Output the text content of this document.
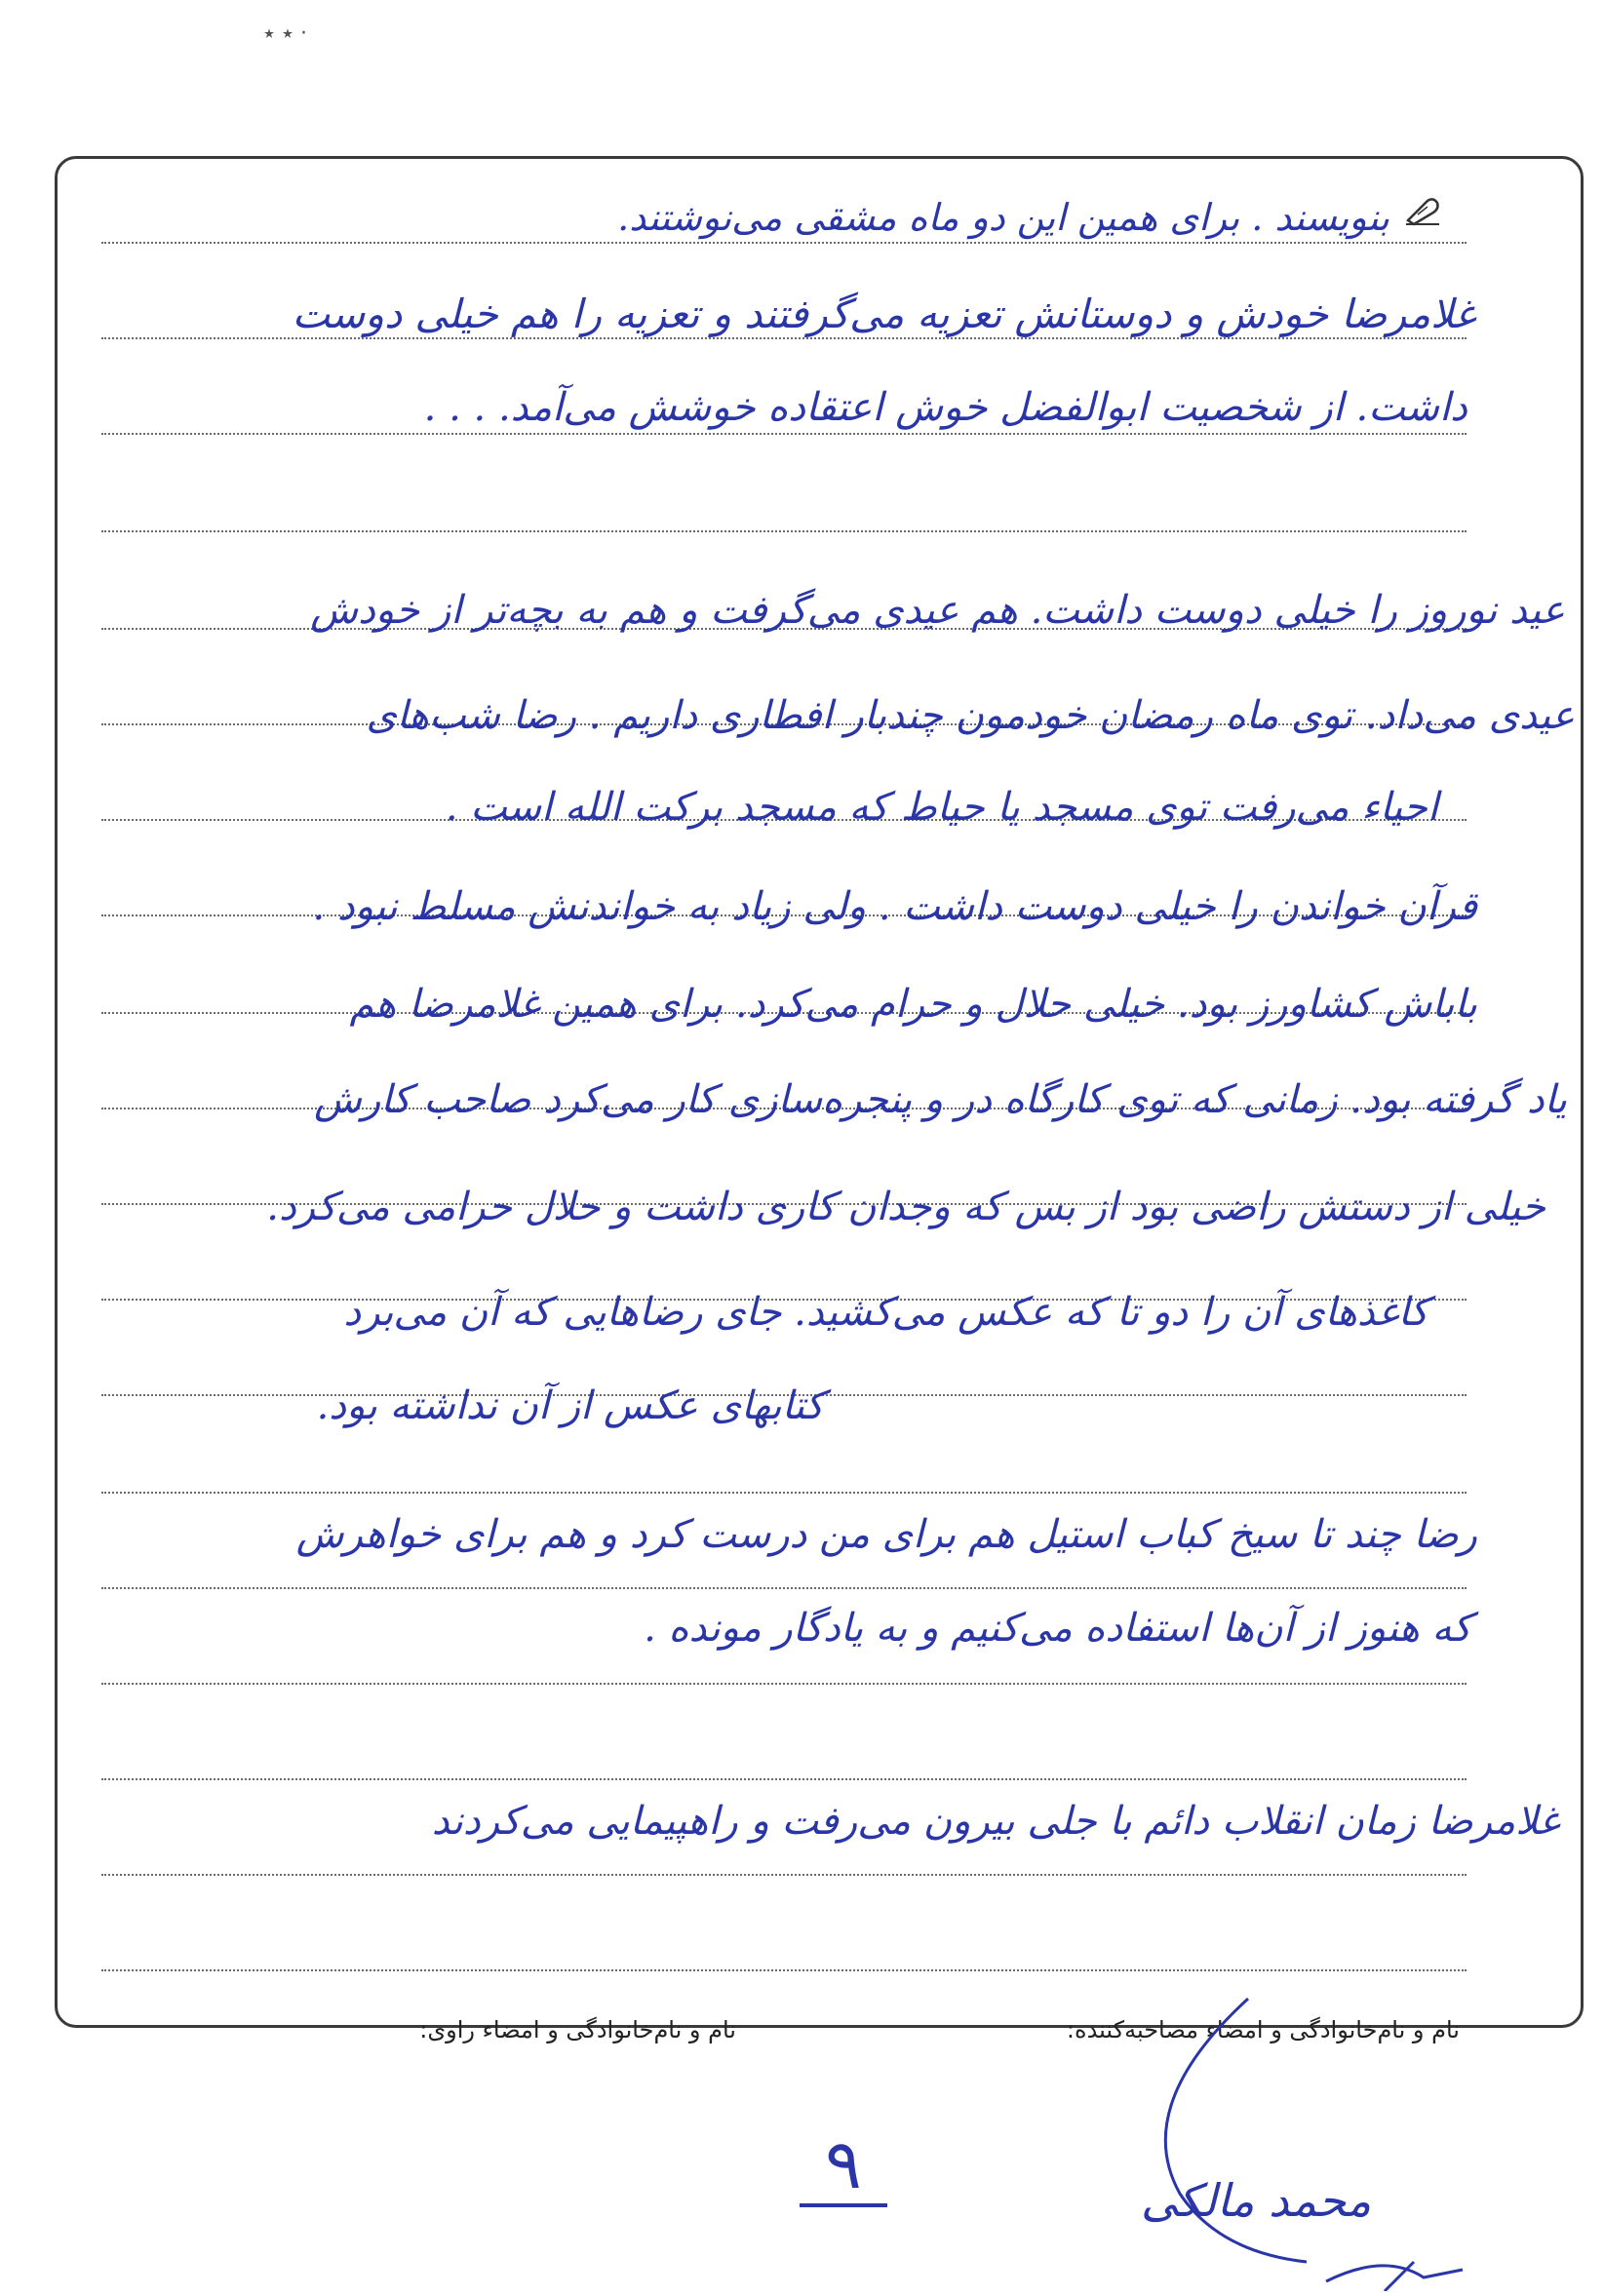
٭ ٭ ·
بنویسند . برای همین این دو ماه مشقی می‌نوشتند.
غلامرضا خودش و دوستانش تعزیه می‌گرفتند و تعزیه را هم خیلی دوست
داشت. از شخصیت ابوالفضل خوش اعتقاده خوشش می‌آمد. . . .
عید نوروز را خیلی دوست داشت. هم عیدی می‌گرفت و هم به بچه‌تر از خودش
عیدی می‌داد. توی ماه رمضان خودمون چندبار افطاری داریم . رضا شب‌های
احیاء می‌رفت توی مسجد یا حیاط که مسجد برکت الله است .
قرآن خواندن را خیلی دوست داشت . ولی زیاد به خواندنش مسلط نبود .
باباش کشاورز بود. خیلی حلال و حرام می‌کرد. برای همین غلامرضا هم
یاد گرفته بود. زمانی که توی کارگاه در و پنجره‌سازی کار می‌کرد صاحب کارش
خیلی از دستش راضی بود از بس که وجدان کاری داشت و حلال حرامی می‌کرد.
کاغذهای آن را دو تا که عکس می‌کشید. جای رضاهایی که آن می‌برد
کتابهای عکس از آن نداشته بود.
رضا چند تا سیخ کباب استیل هم برای من درست کرد و هم برای خواهرش
که هنوز از آن‌ها استفاده می‌کنیم و به یادگار مونده .
غلامرضا زمان انقلاب دائم با جلی بیرون می‌رفت و راهپیمایی می‌کردند
نام و نام‌خانوادگی و امضاء مصاحبه‌کننده:
نام و نام‌خانوادگی و امضاء راوی:
۹	محمد مالکی
